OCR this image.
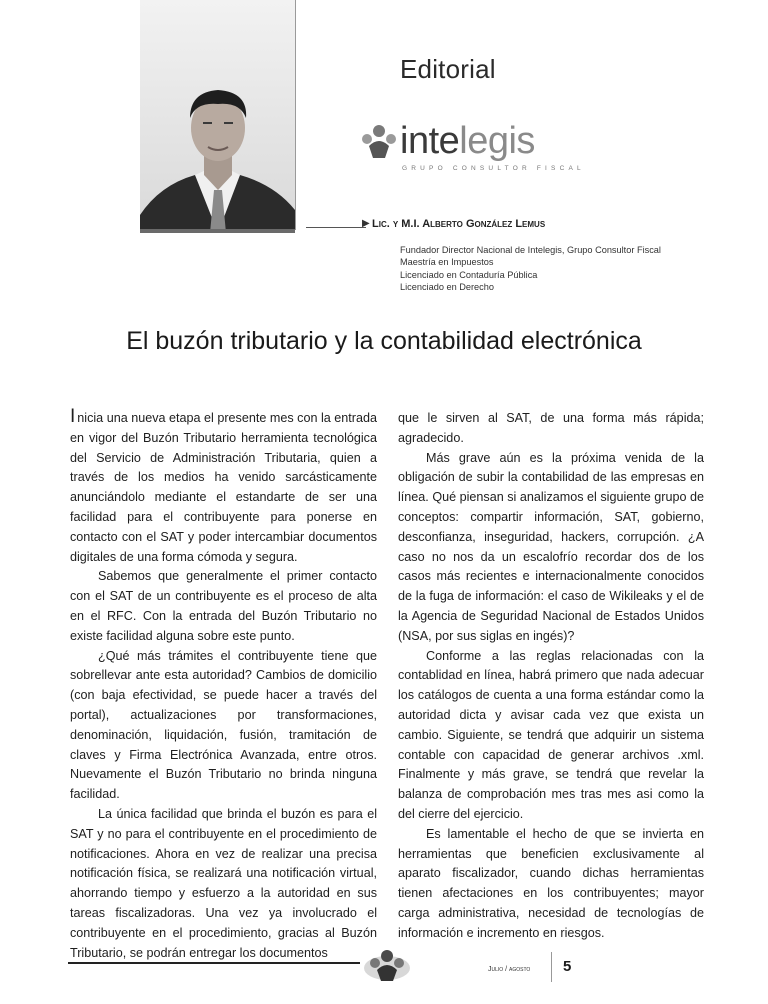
Editorial
intelegis
GRUPO CONSULTOR FISCAL
▶ Lic. y M.I. Alberto González Lemus
Fundador Director Nacional de Intelegis, Grupo Consultor Fiscal
Maestría en Impuestos
Licenciado en Contaduría Pública
Licenciado en Derecho
El buzón tributario y la contabilidad electrónica

Inicia una nueva etapa el presente mes con la entrada en vigor del Buzón Tributario herramienta tecnológica del Servicio de Administración Tributaria, quien a través de los medios ha venido sarcásticamente anunciándolo mediante el estandarte de ser una facilidad para el contribuyente para ponerse en contacto con el SAT y poder intercambiar documentos digitales de una forma cómoda y segura.

Sabemos que generalmente el primer contacto con el SAT de un contribuyente es el proceso de alta en el RFC. Con la entrada del Buzón Tributario no existe facilidad alguna sobre este punto.

¿Qué más trámites el contribuyente tiene que sobrellevar ante esta autoridad? Cambios de domicilio (con baja efectividad, se puede hacer a través del portal), actualizaciones por transformaciones, denominación, liquidación, fusión, tramitación de claves y Firma Electrónica Avanzada, entre otros. Nuevamente el Buzón Tributario no brinda ninguna facilidad.

La única facilidad que brinda el buzón es para el SAT y no para el contribuyente en el procedimiento de notificaciones. Ahora en vez de realizar una precisa notificación física, se realizará una notificación virtual, ahorrando tiempo y esfuerzo a la autoridad en sus tareas fiscalizadoras. Una vez ya involucrado el contribuyente en el procedimiento, gracias al Buzón Tributario, se podrán entregar los documentos

que le sirven al SAT, de una forma más rápida; agradecido.

Más grave aún es la próxima venida de la obligación de subir la contabilidad de las empresas en línea. Qué piensan si analizamos el siguiente grupo de conceptos: compartir información, SAT, gobierno, desconfianza, inseguridad, hackers, corrupción. ¿A caso no nos da un escalofrío recordar dos de los casos más recientes e internacionalmente conocidos de la fuga de información: el caso de Wikileaks y el de la Agencia de Seguridad Nacional de Estados Unidos (NSA, por sus siglas en ingés)?

Conforme a las reglas relacionadas con la contablidad en línea, habrá primero que nada adecuar los catálogos de cuenta a una forma estándar como la autoridad dicta y avisar cada vez que exista un cambio. Siguiente, se tendrá que adquirir un sistema contable con capacidad de generar archivos .xml. Finalmente y más grave, se tendrá que revelar la balanza de comprobación mes tras mes asi como la del cierre del ejercicio.

Es lamentable el hecho de que se invierta en herramientas que beneficien exclusivamente al aparato fiscalizador, cuando dichas herramientas tienen afectaciones en los contribuyentes; mayor carga administrativa, necesidad de tecnologías de información e incremento en riesgos.

Julio / agosto 5
